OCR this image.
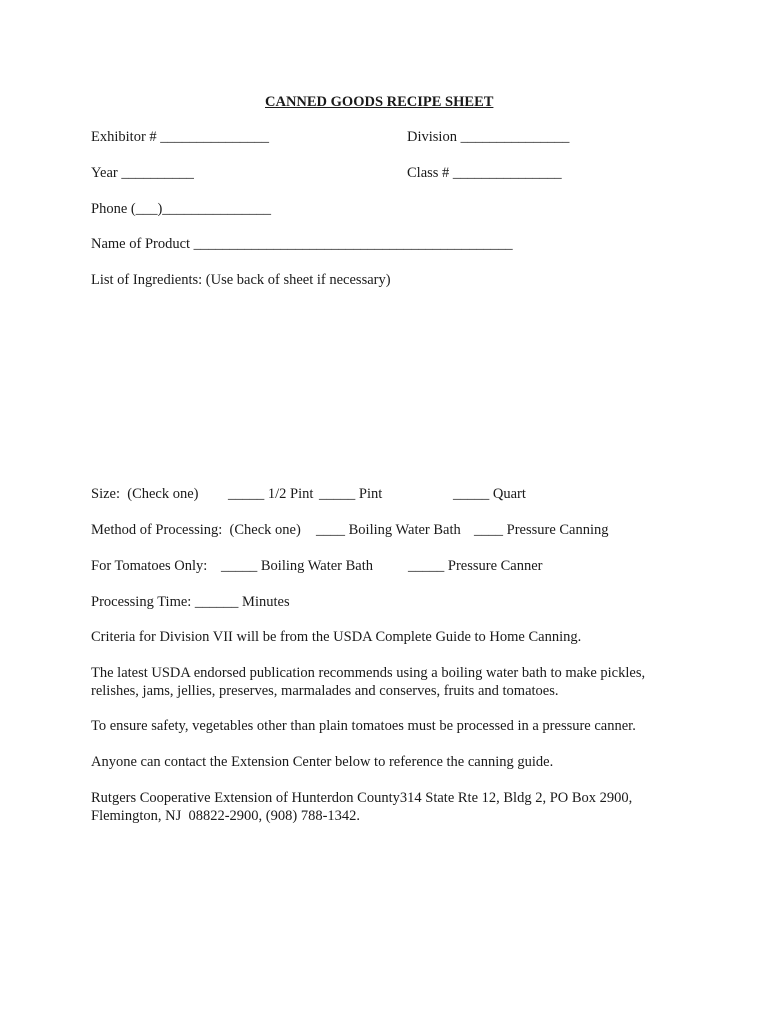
CANNED GOODS RECIPE SHEET
Exhibitor # _______________	Division _______________
Year __________	Class # _______________
Phone (___)_______________
Name of Product ____________________________________________
List of Ingredients: (Use back of sheet if necessary)
Size:  (Check one) _____ 1/2 Pint _____ Pint	_____ Quart
Method of Processing:  (Check one) ____ Boiling Water Bath ____ Pressure Canning
For Tomatoes Only: _____ Boiling Water Bath _____ Pressure Canner
Processing Time: ______ Minutes
Criteria for Division VII will be from the USDA Complete Guide to Home Canning.
The latest USDA endorsed publication recommends using a boiling water bath to make pickles,
relishes, jams, jellies, preserves, marmalades and conserves, fruits and tomatoes.
To ensure safety, vegetables other than plain tomatoes must be processed in a pressure canner.
Anyone can contact the Extension Center below to reference the canning guide.
Rutgers Cooperative Extension of Hunterdon County314 State Rte 12, Bldg 2, PO Box 2900,
Flemington, NJ  08822-2900, (908) 788-1342.
